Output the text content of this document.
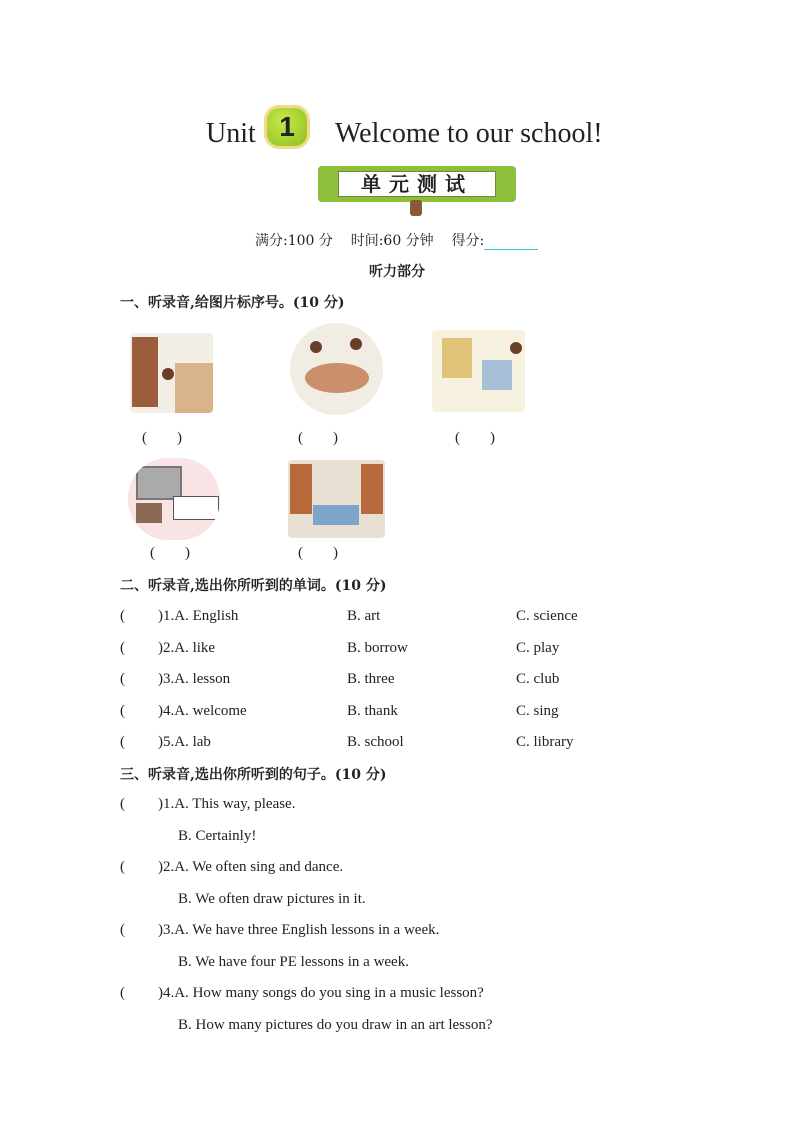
Unit 1	Welcome to our school!
单元测试
满分:100 分 时间:60 分钟 得分:
听力部分
一、听录音,给图片标序号。(10 分)
(　　)	(　　)	(　　)
(　　)	(　　)
二、听录音,选出你所听到的单词。(10 分)
三、听录音,选出你所听到的句子。(10 分)
( )1.A. English	B. art	C. science
( )2.A. like	B. borrow	C. play
( )3.A. lesson	B. three	C. club
( )4.A. welcome	B. thank	C. sing
( )5.A. lab	B. school	C. library
( )1.A. This way, please.
B. Certainly!
( )2.A. We often sing and dance.
B. We often draw pictures in it.
( )3.A. We have three English lessons in a week.
B. We have four PE lessons in a week.
( )4.A. How many songs do you sing in a music lesson?
B. How many pictures do you draw in an art lesson?
